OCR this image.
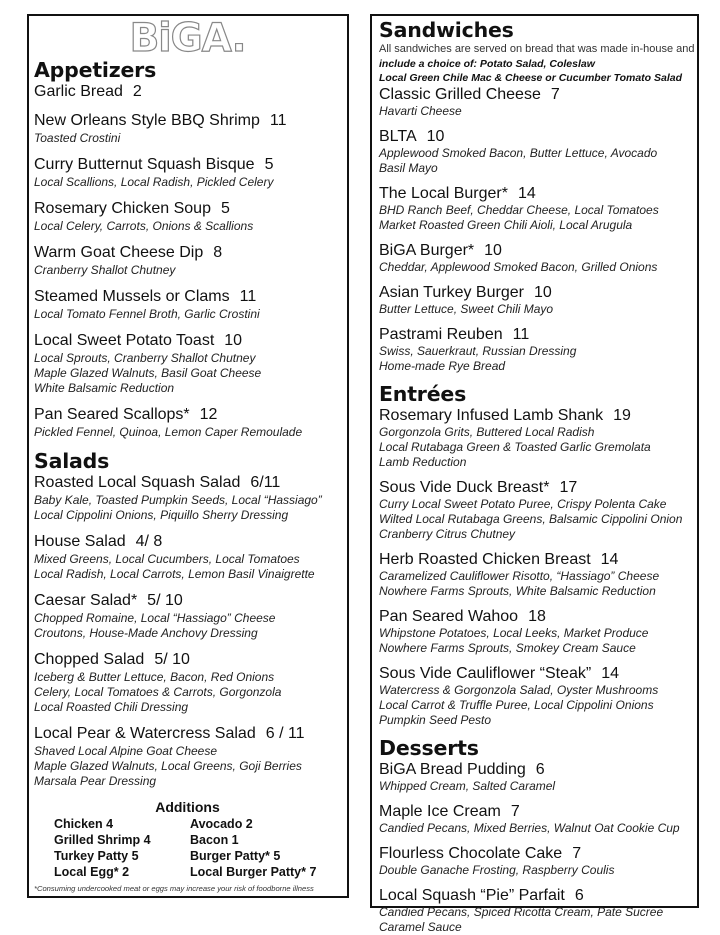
BiGA.
Appetizers
Garlic Bread 2
New Orleans Style BBQ Shrimp 11
Toasted Crostini
Curry Butternut Squash Bisque 5
Local Scallions, Local Radish, Pickled Celery
Rosemary Chicken Soup 5
Local Celery, Carrots, Onions & Scallions
Warm Goat Cheese Dip 8
Cranberry Shallot Chutney
Steamed Mussels or Clams 11
Local Tomato Fennel Broth, Garlic Crostini
Local Sweet Potato Toast 10
Local Sprouts, Cranberry Shallot Chutney
Maple Glazed Walnuts, Basil Goat Cheese
White Balsamic Reduction
Pan Seared Scallops* 12
Pickled Fennel, Quinoa, Lemon Caper Remoulade
Salads
Roasted Local Squash Salad 6/11
Baby Kale, Toasted Pumpkin Seeds, Local “Hassiago”
Local Cippolini Onions, Piquillo Sherry Dressing
House Salad 4/ 8
Mixed Greens, Local Cucumbers, Local Tomatoes
Local Radish, Local Carrots, Lemon Basil Vinaigrette
Caesar Salad* 5/ 10
Chopped Romaine, Local “Hassiago” Cheese
Croutons, House-Made Anchovy Dressing
Chopped Salad 5/ 10
Iceberg & Butter Lettuce, Bacon, Red Onions
Celery, Local Tomatoes & Carrots, Gorgonzola
Local Roasted Chili Dressing
Local Pear & Watercress Salad 6 / 11
Shaved Local Alpine Goat Cheese
Maple Glazed Walnuts, Local Greens, Goji Berries
Marsala Pear Dressing
Additions
Chicken 4	Avocado 2
Grilled Shrimp 4	Bacon 1
Turkey Patty 5	Burger Patty* 5
Local Egg* 2	Local Burger Patty* 7
*Consuming undercooked meat or eggs may increase your risk of foodborne illness
Sandwiches
All sandwiches are served on bread that was made in-house and
include a choice of: Potato Salad, Coleslaw
Local Green Chile Mac & Cheese or Cucumber Tomato Salad
Classic Grilled Cheese 7
Havarti Cheese
BLTA 10
Applewood Smoked Bacon, Butter Lettuce, Avocado
Basil Mayo
The Local Burger* 14
BHD Ranch Beef, Cheddar Cheese, Local Tomatoes
Market Roasted Green Chili Aioli, Local Arugula
BiGA Burger* 10
Cheddar, Applewood Smoked Bacon, Grilled Onions
Asian Turkey Burger 10
Butter Lettuce, Sweet Chili Mayo
Pastrami Reuben 11
Swiss, Sauerkraut, Russian Dressing
Home-made Rye Bread
Entrées
Rosemary Infused Lamb Shank 19
Gorgonzola Grits, Buttered Local Radish
Local Rutabaga Green & Toasted Garlic Gremolata
Lamb Reduction
Sous Vide Duck Breast* 17
Curry Local Sweet Potato Puree, Crispy Polenta Cake
Wilted Local Rutabaga Greens, Balsamic Cippolini Onion
Cranberry Citrus Chutney
Herb Roasted Chicken Breast 14
Caramelized Cauliflower Risotto, “Hassiago” Cheese
Nowhere Farms Sprouts, White Balsamic Reduction
Pan Seared Wahoo 18
Whipstone Potatoes, Local Leeks, Market Produce
Nowhere Farms Sprouts, Smokey Cream Sauce
Sous Vide Cauliflower “Steak” 14
Watercress & Gorgonzola Salad, Oyster Mushrooms
Local Carrot & Truffle Puree, Local Cippolini Onions
Pumpkin Seed Pesto
Desserts
BiGA Bread Pudding 6
Whipped Cream, Salted Caramel
Maple Ice Cream 7
Candied Pecans, Mixed Berries, Walnut Oat Cookie Cup
Flourless Chocolate Cake 7
Double Ganache Frosting, Raspberry Coulis
Local Squash “Pie” Parfait 6
Candied Pecans, Spiced Ricotta Cream, Pate Sucree
Caramel Sauce
